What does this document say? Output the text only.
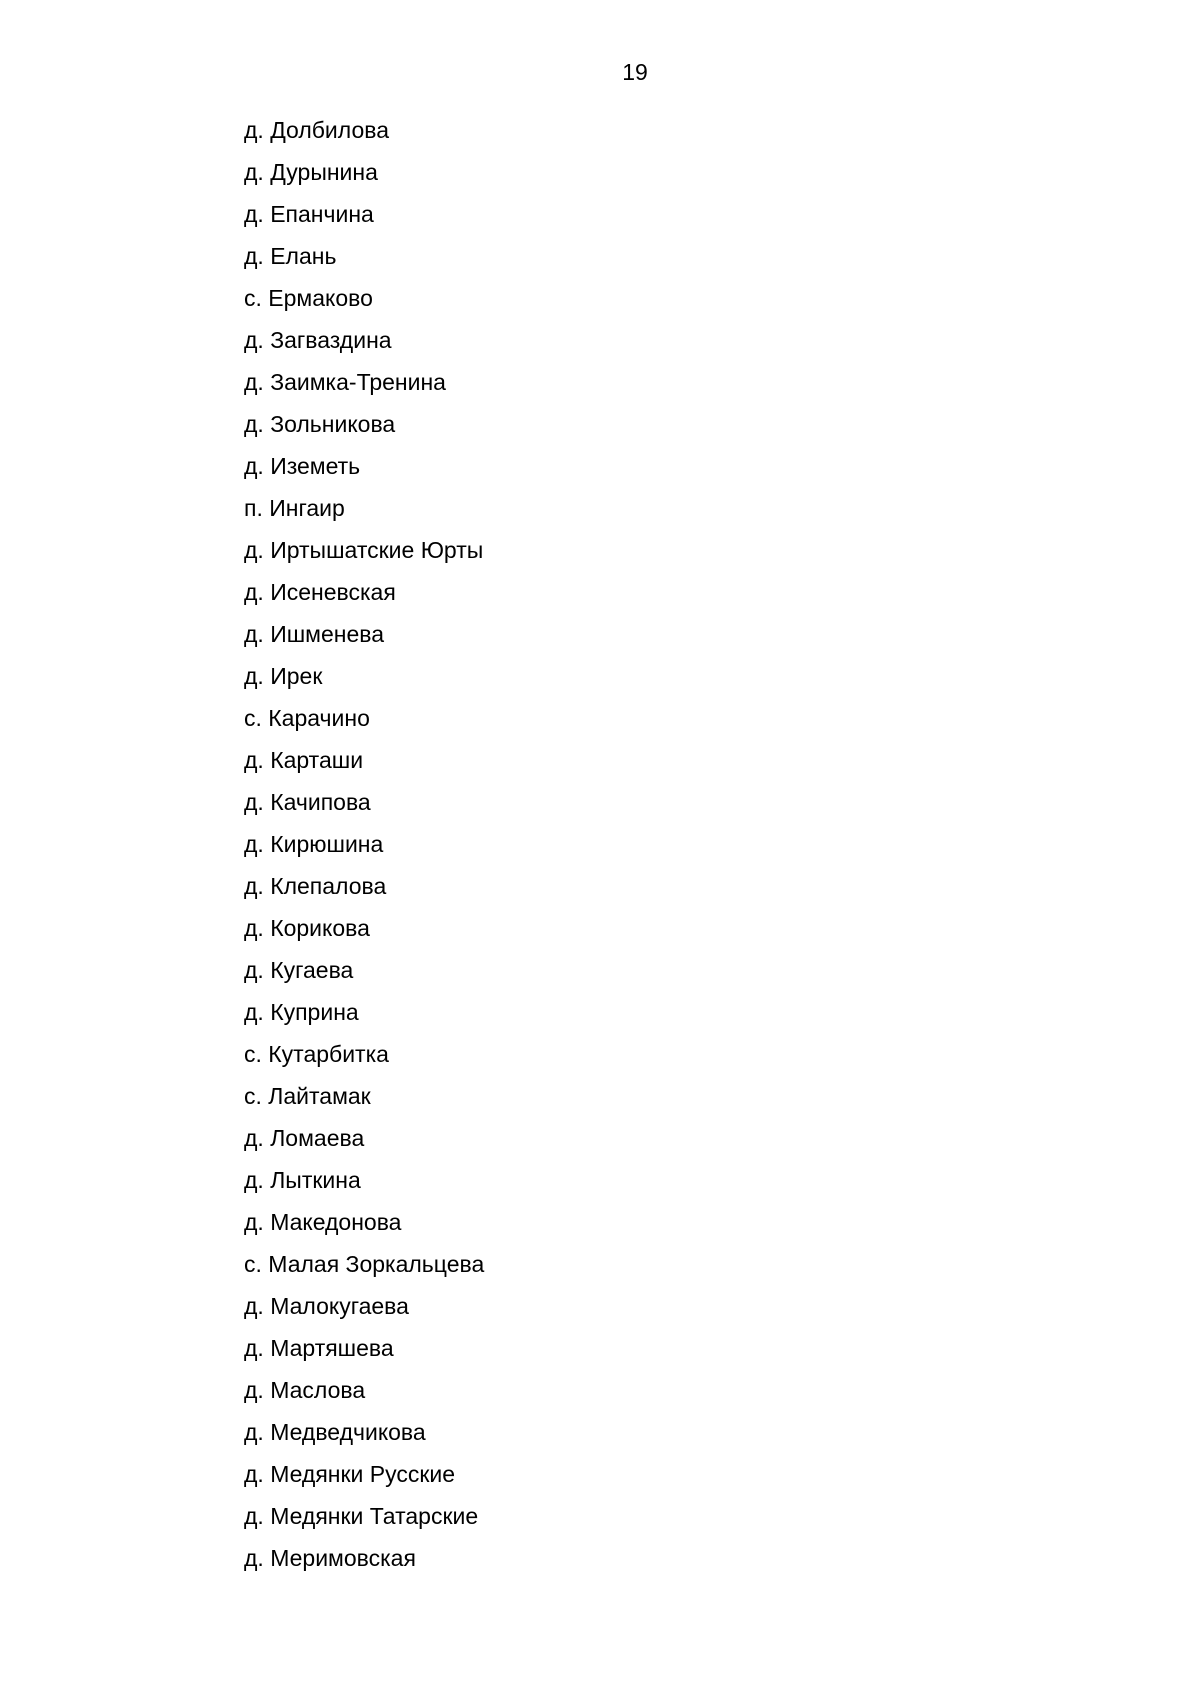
19
д. Долбилова
д. Дурынина
д. Епанчина
д. Елань
с. Ермаково
д. Загваздина
д. Заимка-Тренина
д. Зольникова
д. Иземеть
п. Ингаир
д. Иртышатские Юрты
д. Исеневская
д. Ишменева
д. Ирек
с. Карачино
д. Карташи
д. Качипова
д. Кирюшина
д. Клепалова
д. Корикова
д. Кугаева
д. Куприна
с. Кутарбитка
с. Лайтамак
д. Ломаева
д. Лыткина
д. Македонова
с. Малая Зоркальцева
д. Малокугаева
д. Мартяшева
д. Маслова
д. Медведчикова
д. Медянки Русские
д. Медянки Татарские
д. Меримовская
